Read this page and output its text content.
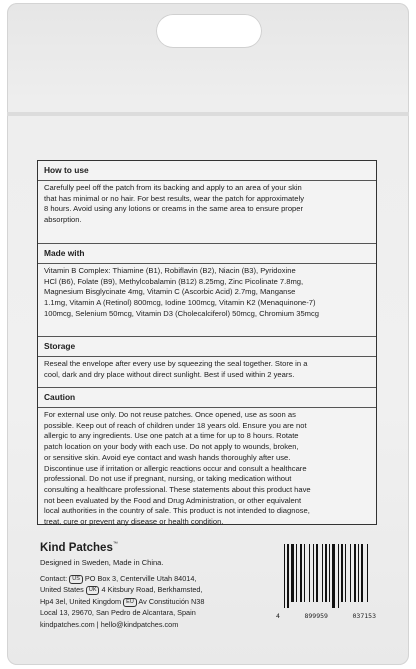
How to use
Carefully peel off the patch from its backing and apply to an area of your skin
that has minimal or no hair. For best results, wear the patch for approximately
8 hours. Avoid using any lotions or creams in the same area to ensure proper
absorption.
Made with
Vitamin B Complex: Thiamine (B1), Robiflavin (B2), Niacin (B3), Pyridoxine
HCl (B6), Folate (B9), Methylcobalamin (B12) 8.25mg, Zinc Picolinate 7.8mg,
Magnesium Bisglycinate 4mg, Vitamin C (Ascorbic Acid) 2.7mg, Manganse
1.1mg, Vitamin A (Retinol) 800mcg, Iodine 100mcg, Vitamin K2 (Menaquinone-7)
100mcg, Selenium 50mcg, Vitamin D3 (Cholecalciferol) 50mcg, Chromium 35mcg
Storage
Reseal the envelope after every use by squeezing the seal together. Store in a
cool, dark and dry place without direct sunlight. Best if used within 2 years.
Caution
For external use only. Do not reuse patches. Once opened, use as soon as
possible. Keep out of reach of children under 18 years old. Ensure you are not
allergic to any ingredients. Use one patch at a time for up to 8 hours. Rotate
patch location on your body with each use. Do not apply to wounds, broken,
or sensitive skin. Avoid eye contact and wash hands thoroughly after use.
Discontinue use if irritation or allergic reactions occur and consult a healthcare
professional. Do not use if pregnant, nursing, or taking medication without
consulting a healthcare professional. These statements about this product have
not been evaluated by the Food and Drug Administration, or other equivalent
local authorities in the country of sale. This product is not intended to diagnose,
treat, cure or prevent any disease or health condition.
Kind Patches™
Designed in Sweden, Made in China.
Contact: US PO Box 3, Centerville Utah 84014,
United States UK 4 Kitsbury Road, Berkhamsted,
Hp4 3el, United Kingdom EU Av Constitución N38
Local 13, 29670, San Pedro de Alcantara, Spain
kindpatches.com | hello@kindpatches.com
4	899959	037153
